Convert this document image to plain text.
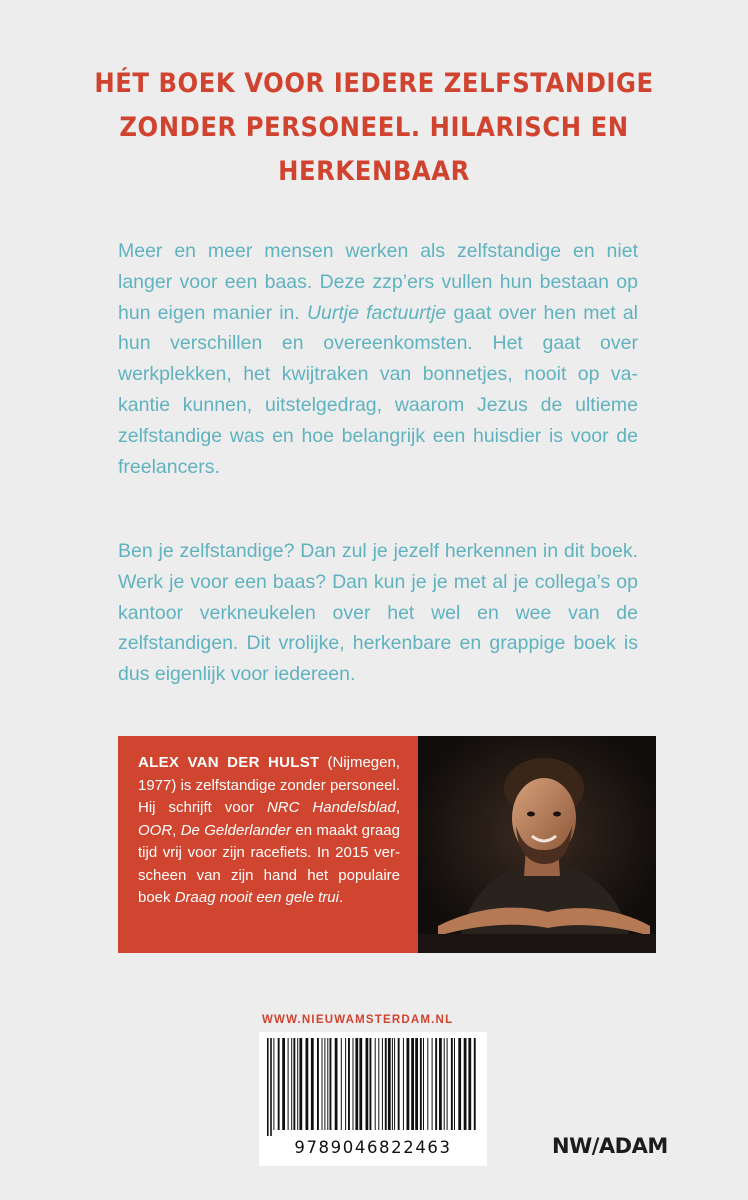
HÉT BOEK VOOR IEDERE ZELFSTANDIGE
ZONDER PERSONEEL. HILARISCH EN
HERKENBAAR

Meer en meer mensen werken als zelfstandige en niet langer voor een baas. Deze zzp’ers vullen hun bestaan op hun eigen manier in. Uurtje factuurtje gaat over hen met al hun verschillen en overeenkomsten. Het gaat over werkplekken, het kwijtraken van bonnetjes, nooit op vakantie kunnen, uitstelgedrag, waarom Jezus de ultieme zelfstandige was en hoe belangrijk een huisdier is voor de freelancers.

Ben je zelfstandige? Dan zul je jezelf herkennen in dit boek. Werk je voor een baas? Dan kun je je met al je collega’s op kantoor verkneukelen over het wel en wee van de zelfstandigen. Dit vrolijke, herkenbare en grappige boek is dus eigenlijk voor iedereen.

ALEX VAN DER HULST (Nijmegen, 1977) is zelfstandige zonder personeel. Hij schrijft voor NRC Handelsblad, OOR, De Gelderlander en maakt graag tijd vrij voor zijn racefiets. In 2015 verscheen van zijn hand het populaire boek Draag nooit een gele trui.

WWW.NIEUWAMSTERDAM.NL
9789046822463	NW/ADAM
